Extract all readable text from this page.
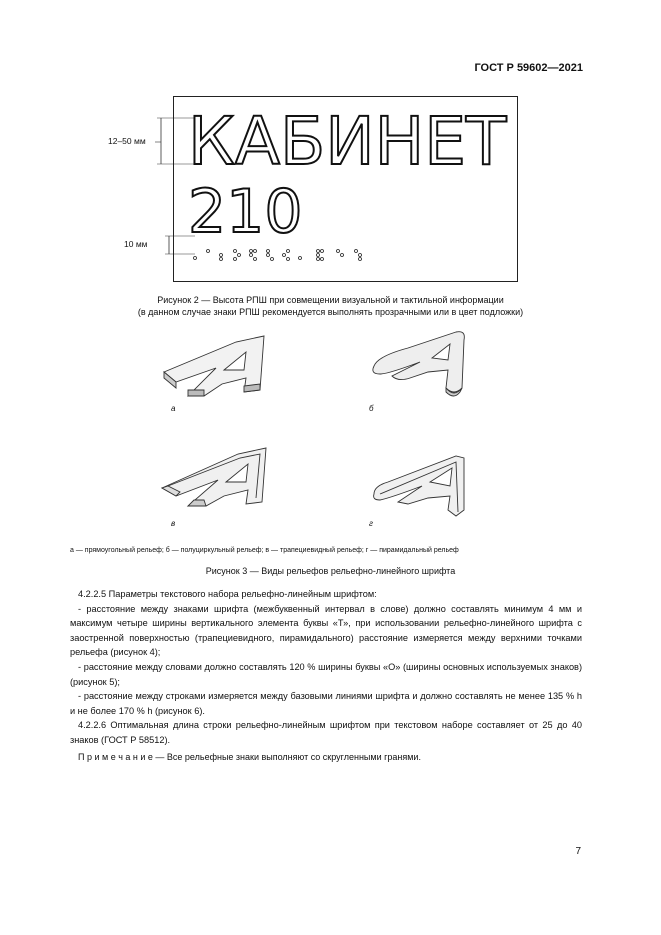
ГОСТ Р 59602—2021
12–50 мм
10 мм
КАБИНЕТ
210
Рисунок 2 — Высота РПШ при совмещении визуальной и тактильной информации
(в данном случае знаки РПШ рекомендуется выполнять прозрачными или в цвет подложки)
а	б
в	г
а — прямоугольный рельеф; б — полуциркульный рельеф; в — трапециевидный рельеф; г — пирамидальный рельеф
Рисунок 3 — Виды рельефов рельефно-линейного шрифта

4.2.2.5 Параметры текстового набора рельефно-линейным шрифтом:

- расстояние между знаками шрифта (межбуквенный интервал в слове) должно составлять минимум 4 мм и максимум четыре ширины вертикального элемента буквы «Т», при использовании рельефно-линейного шрифта с заостренной поверхностью (трапециевидного, пирамидального) расстояние измеряется между верхними точками рельефа (рисунок 4);

- расстояние между словами должно составлять 120 % ширины буквы «О» (ширины основных используемых знаков) (рисунок 5);

- расстояние между строками измеряется между базовыми линиями шрифта и должно составлять не менее 135 % h и не более 170 % h (рисунок 6).

4.2.2.6 Оптимальная длина строки рельефно-линейным шрифтом при текстовом наборе составляет от 25 до 40 знаков (ГОСТ Р 58512).

П р и м е ч а н и е — Все рельефные знаки выполняют со скругленными гранями.
7
